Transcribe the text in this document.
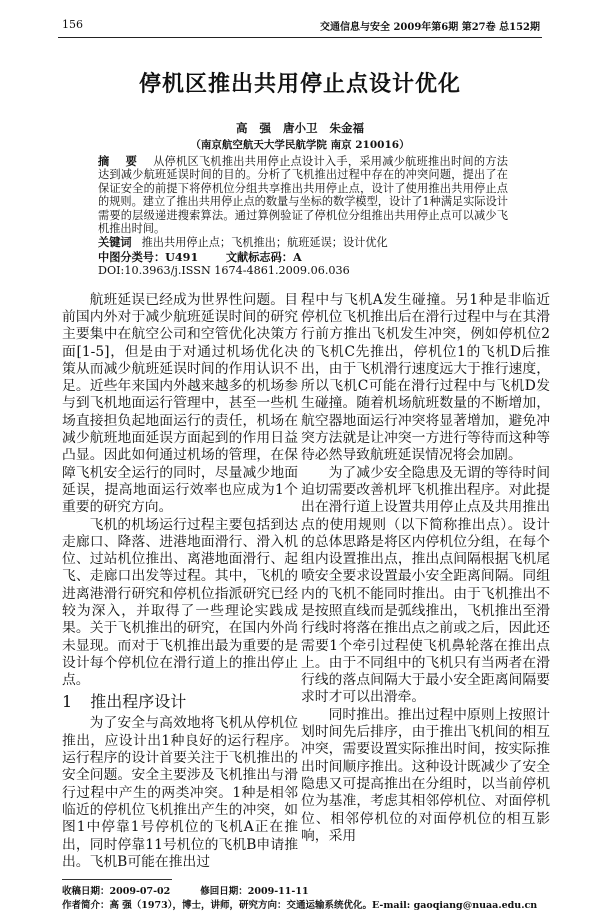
156	交通信息与安全 2009年第6期 第27卷 总152期
停机区推出共用停止点设计优化
高 强 唐小卫 朱金福
（南京航空航天大学民航学院 南京 210016）
摘 要 从停机区飞机推出共用停止点设计入手，采用减少航班推出时间的方法达到减少航班延误时间的目的。分析了飞机推出过程中存在的冲突问题，提出了在保证安全的前提下将停机位分组共享推出共用停止点，设计了使用推出共用停止点的规则。建立了推出共用停止点的数量与坐标的数学模型，设计了1种满足实际设计需要的层级递进搜索算法。通过算例验证了停机位分组推出共用停止点可以减少飞机推出时间。
关键词 推出共用停止点；飞机推出；航班延误；设计优化
中图分类号：U491 文献标志码：A DOI:10.3963/j.ISSN 1674-4861.2009.06.036

航班延误已经成为世界性问题。目前国内外对于减少航班延误时间的研究主要集中在航空公司和空管优化决策方面[1-5]，但是由于对通过机场优化决策从而减少航班延误时间的作用认识不足。近些年来国内外越来越多的机场参与到飞机地面运行管理中，甚至一些机场直接担负起地面运行的责任，机场在减少航班地面延误方面起到的作用日益凸显。因此如何通过机场的管理，在保障飞机安全运行的同时，尽量减少地面延误，提高地面运行效率也应成为1个重要的研究方向。

飞机的机场运行过程主要包括到达走廊口、降落、进港地面滑行、滑入机位、过站机位推出、离港地面滑行、起飞、走廊口出发等过程。其中，飞机的进离港滑行研究和停机位指派研究已经较为深入，并取得了一些理论实践成果。关于飞机推出的研究，在国内外尚未显现。而对于飞机推出最为重要的是设计每个停机位在滑行道上的推出停止点。

1 推出程序设计

为了安全与高效地将飞机从停机位推出，应设计出1种良好的运行程序。运行程序的设计首要关注于飞机推出的安全问题。安全主要涉及飞机推出与滑行过程中产生的两类冲突。1种是相邻临近的停机位飞机推出产生的冲突，如图1中停靠1号停机位的飞机A正在推出，同时停靠11号机位的飞机B申请推出。飞机B可能在推出过

程中与飞机A发生碰撞。另1种是非临近停机位飞机推出后在滑行过程中与在其滑行前方推出飞机发生冲突，例如停机位2的飞机C先推出，停机位1的飞机D后推出，由于飞机滑行速度远大于推行速度，所以飞机C可能在滑行过程中与飞机D发生碰撞。随着机场航班数量的不断增加，航空器地面运行冲突将显著增加，避免冲突方法就是让冲突一方进行等待而这种等待必然导致航班延误情况将会加剧。

为了减少安全隐患及无谓的等待时间迫切需要改善机坪飞机推出程序。对此提出在滑行道上设置共用停止点及共用推出点的使用规则（以下简称推出点）。设计的总体思路是将区内停机位分组，在每个组内设置推出点，推出点间隔根据飞机尾喷安全要求设置最小安全距离间隔。同组内的飞机不能同时推出。由于飞机推出不是按照直线而是弧线推出，飞机推出至滑行线时将落在推出点之前或之后，因此还需要1个牵引过程使飞机鼻轮落在推出点上。由于不同组中的飞机只有当两者在滑行线的落点间隔大于最小安全距离间隔要求时才可以出滑牵。

同时推出。推出过程中原则上按照计划时间先后排序，由于推出飞机间的相互冲突，需要设置实际推出时间，按实际推出时间顺序推出。这种设计既减少了安全隐患又可提高推出在分组时，以当前停机位为基准，考虑其相邻停机位、对面停机位、相邻停机位的对面停机位的相互影响，采用

收稿日期：2009-07-02	修回日期：2009-11-11
作者简介：高 强（1973），博士，讲师，研究方向：交通运输系统优化。E-mail: gaoqiang@nuaa.edu.cn
